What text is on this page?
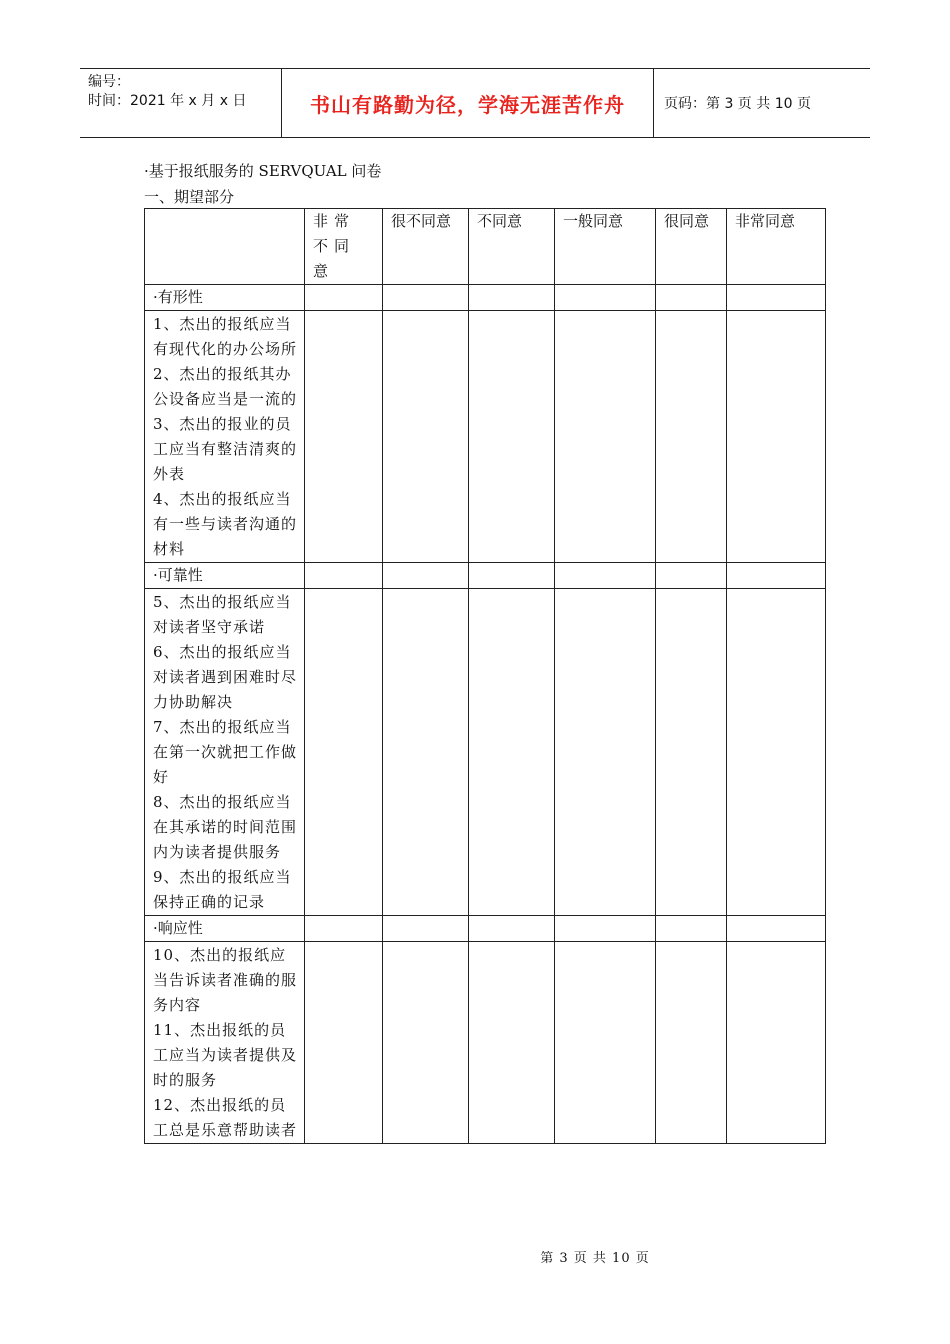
编号：
时间：2021 年 x 月 x 日	书山有路勤为径，学海无涯苦作舟	页码：第 3 页 共 10 页
·基于报纸服务的 SERVQUAL 问卷
一、期望部分
	非常不同意	很不同意	不同意	一般同意	很同意	非常同意
·有形性						

1、杰出的报纸应当有现代化的办公场所
2、杰出的报纸其办公设备应当是一流的
3、杰出的报业的员工应当有整洁清爽的外表
4、杰出的报纸应当有一些与读者沟通的材料						

·可靠性						

5、杰出的报纸应当对读者坚守承诺
6、杰出的报纸应当对读者遇到困难时尽力协助解决
7、杰出的报纸应当在第一次就把工作做好
8、杰出的报纸应当在其承诺的时间范围内为读者提供服务
9、杰出的报纸应当保持正确的记录						

·响应性						

10、杰出的报纸应当告诉读者准确的服务内容
11、杰出报纸的员工应当为读者提供及时的服务
12、杰出报纸的员工总是乐意帮助读者						

第 3 页 共 10 页
